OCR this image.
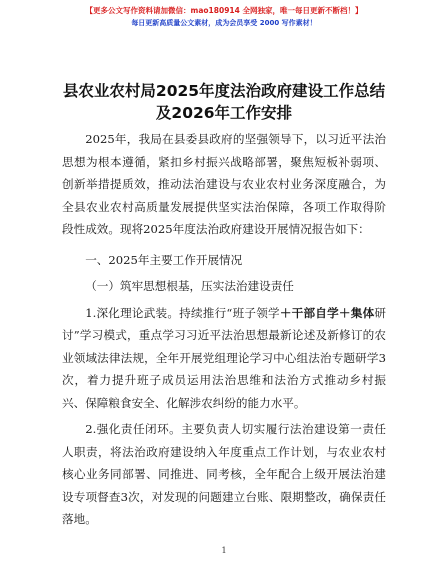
【更多公文写作资料请加微信：mao180914 全网独家，唯一每日更新不断档！】
每日更新高质量公文素材，成为会员享受 2000 写作素材！
县农业农村局2025年度法治政府建设工作总结
及2026年工作安排

2025年，我局在县委县政府的坚强领导下，以习近平法治思想为根本遵循，紧扣乡村振兴战略部署，聚焦短板补弱项、创新举措提质效，推动法治建设与农业农村业务深度融合，为全县农业农村高质量发展提供坚实法治保障，各项工作取得阶段性成效。现将2025年度法治政府建设开展情况报告如下：

一、2025年主要工作开展情况

（一）筑牢思想根基，压实法治建设责任

1.深化理论武装。持续推行“班子领学＋干部自学＋集体研讨”学习模式，重点学习习近平法治思想最新论述及新修订的农业领域法律法规，全年开展党组理论学习中心组法治专题研学3次，着力提升班子成员运用法治思维和法治方式推动乡村振兴、保障粮食安全、化解涉农纠纷的能力水平。

2.强化责任闭环。主要负责人切实履行法治建设第一责任人职责，将法治政府建设纳入年度重点工作计划，与农业农村核心业务同部署、同推进、同考核，全年配合上级开展法治建设专项督查3次，对发现的问题建立台账、限期整改，确保责任落地。

1
